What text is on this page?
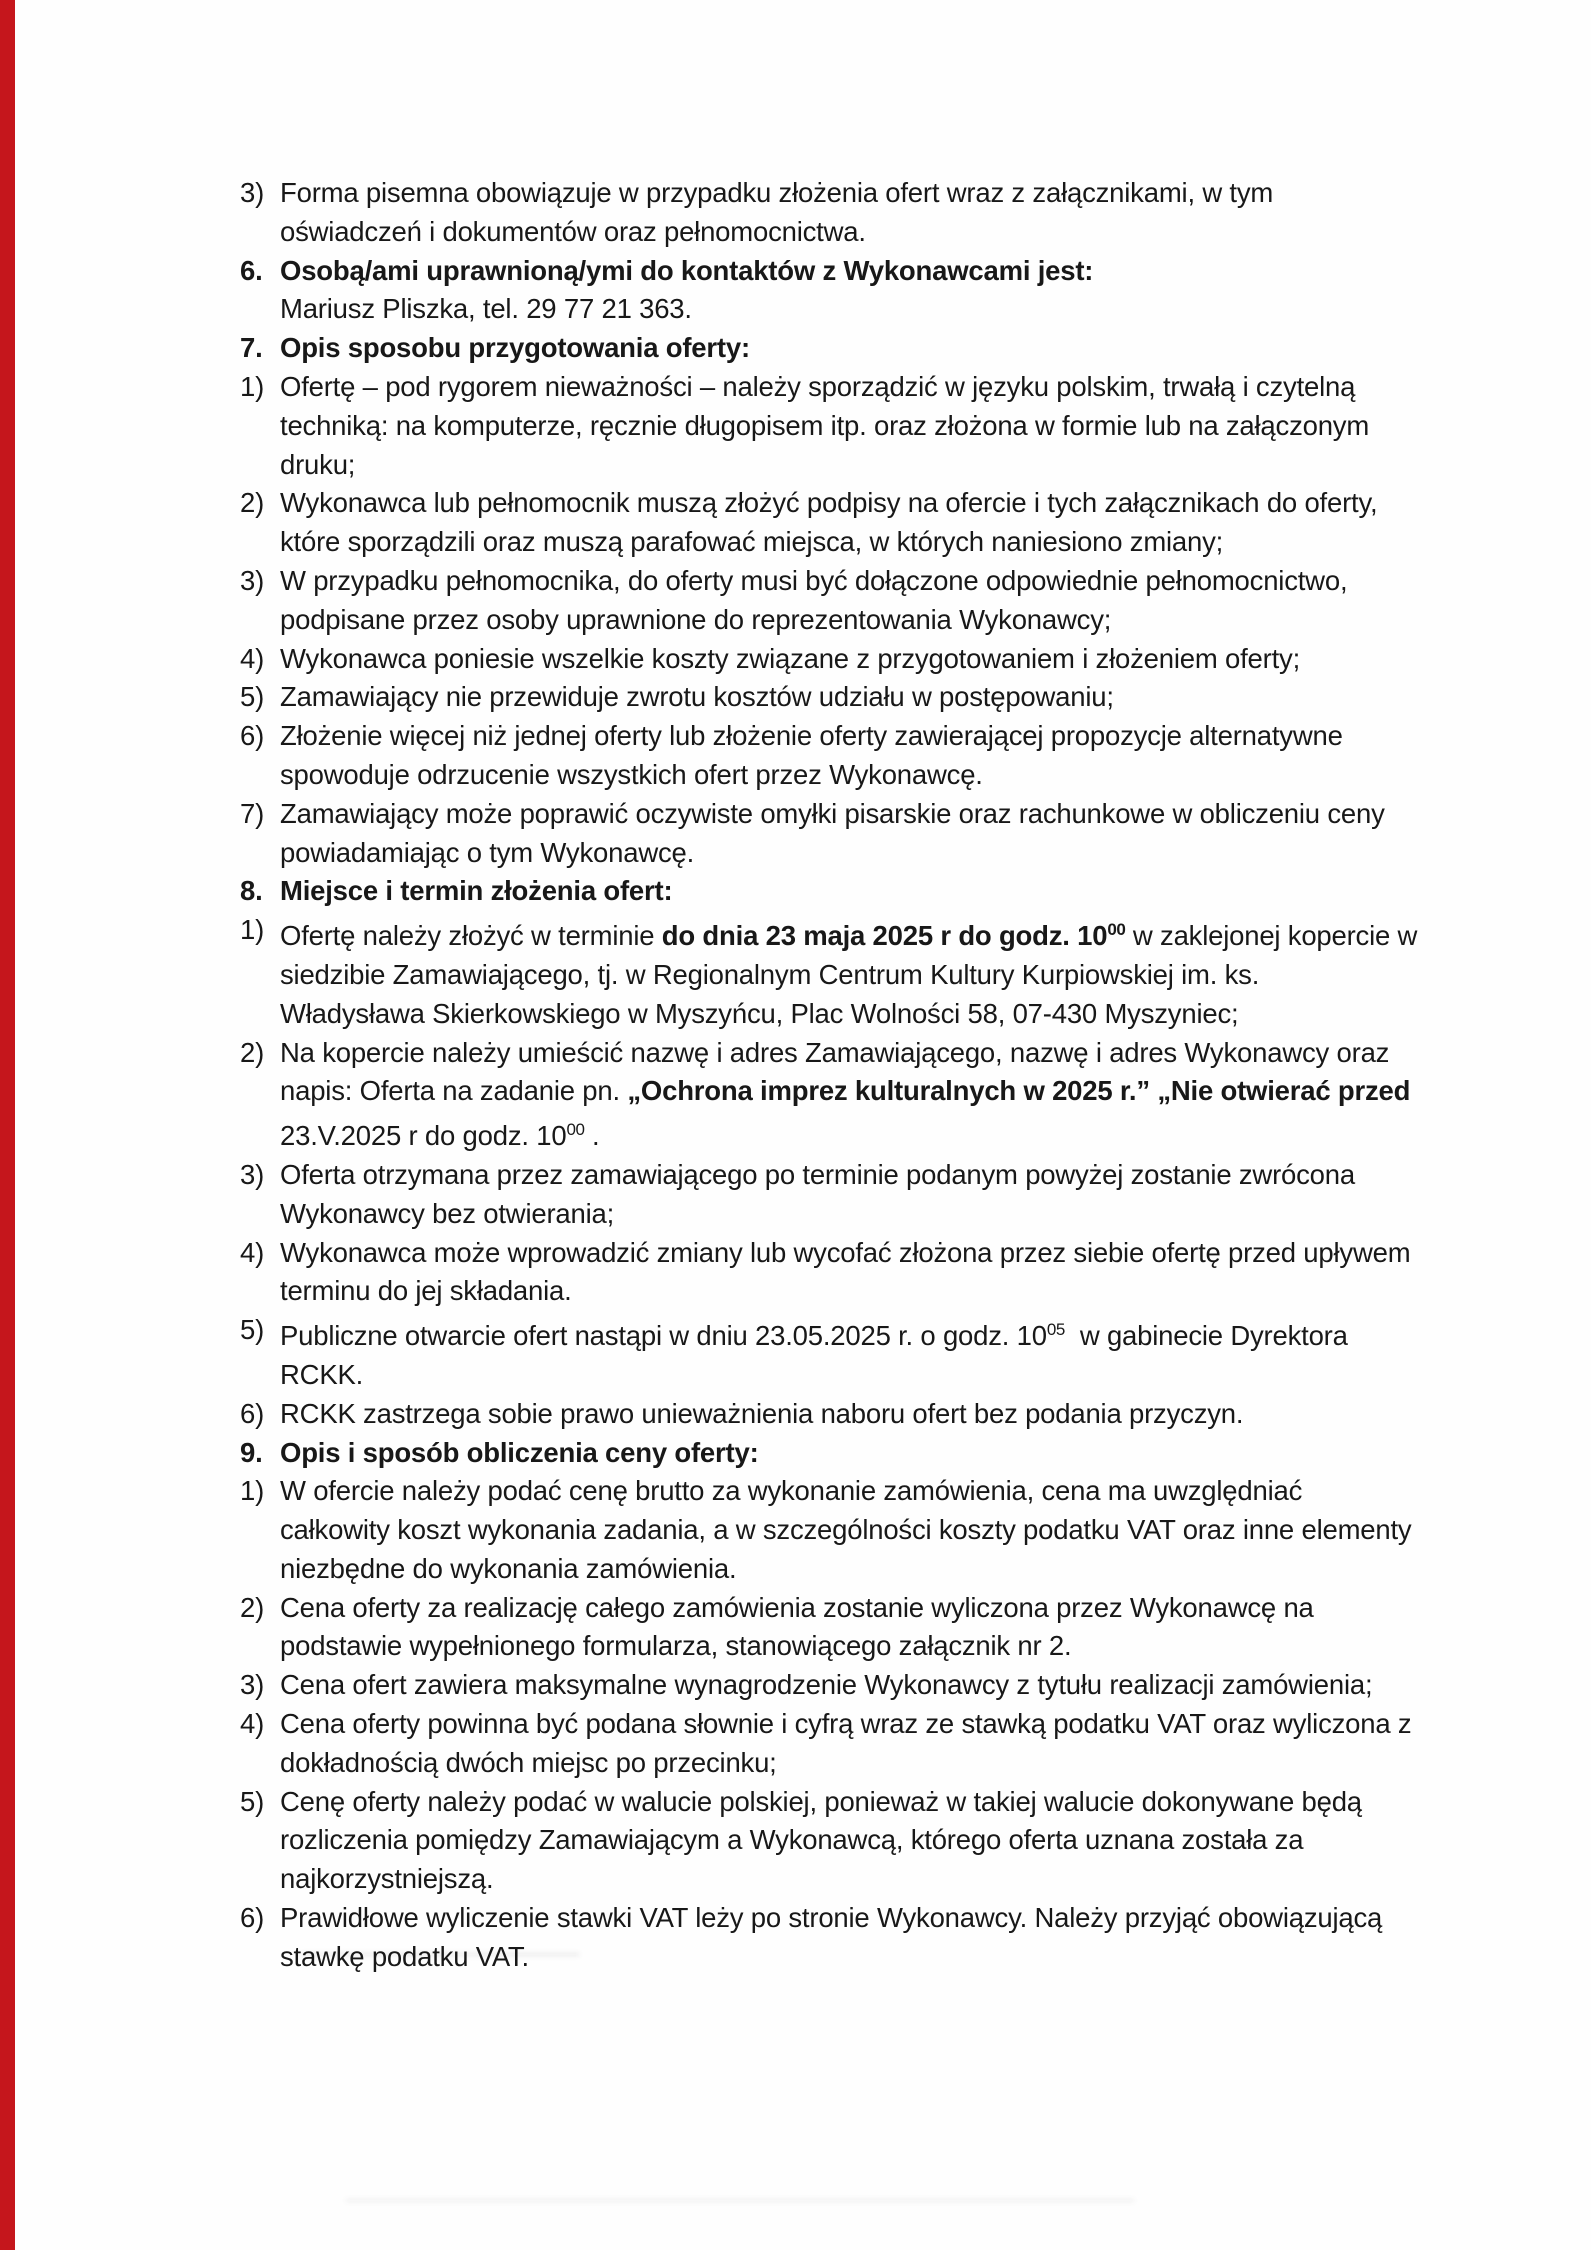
3) Forma pisemna obowiązuje w przypadku złożenia ofert wraz z załącznikami, w tym
oświadczeń i dokumentów oraz pełnomocnictwa.
6. Osobą/ami uprawnioną/ymi do kontaktów z Wykonawcami jest:
Mariusz Pliszka, tel. 29 77 21 363.
7. Opis sposobu przygotowania oferty:
1) Ofertę – pod rygorem nieważności – należy sporządzić w języku polskim, trwałą i czytelną
techniką: na komputerze, ręcznie długopisem itp. oraz złożona w formie lub na załączonym
druku;
2) Wykonawca lub pełnomocnik muszą złożyć podpisy na ofercie i tych załącznikach do oferty,
które sporządzili oraz muszą parafować miejsca, w których naniesiono zmiany;
3) W przypadku pełnomocnika, do oferty musi być dołączone odpowiednie pełnomocnictwo,
podpisane przez osoby uprawnione do reprezentowania Wykonawcy;
4) Wykonawca poniesie wszelkie koszty związane z przygotowaniem i złożeniem oferty;
5) Zamawiający nie przewiduje zwrotu kosztów udziału w postępowaniu;
6) Złożenie więcej niż jednej oferty lub złożenie oferty zawierającej propozycje alternatywne
spowoduje odrzucenie wszystkich ofert przez Wykonawcę.
7) Zamawiający może poprawić oczywiste omyłki pisarskie oraz rachunkowe w obliczeniu ceny
powiadamiając o tym Wykonawcę.
8. Miejsce i termin złożenia ofert:
1) Ofertę należy złożyć w terminie do dnia 23 maja 2025 r do godz. $10^{00}$ w zaklejonej kopercie w
siedzibie Zamawiającego, tj. w Regionalnym Centrum Kultury Kurpiowskiej im. ks.
Władysława Skierkowskiego w Myszyńcu, Plac Wolności 58, 07-430 Myszyniec;
2) Na kopercie należy umieścić nazwę i adres Zamawiającego, nazwę i adres Wykonawcy oraz
napis: Oferta na zadanie pn. „Ochrona imprez kulturalnych w 2025 r.” „Nie otwierać przed
23.V.2025 r do godz. $10^{00}$ .
3) Oferta otrzymana przez zamawiającego po terminie podanym powyżej zostanie zwrócona
Wykonawcy bez otwierania;
4) Wykonawca może wprowadzić zmiany lub wycofać złożona przez siebie ofertę przed upływem
terminu do jej składania.
5) Publiczne otwarcie ofert nastąpi w dniu 23.05.2025 r. o godz. $10^{05}$  w gabinecie Dyrektora
RCKK.
6) RCKK zastrzega sobie prawo unieważnienia naboru ofert bez podania przyczyn.
9. Opis i sposób obliczenia ceny oferty:
1) W ofercie należy podać cenę brutto za wykonanie zamówienia, cena ma uwzględniać
całkowity koszt wykonania zadania, a w szczególności koszty podatku VAT oraz inne elementy
niezbędne do wykonania zamówienia.
2) Cena oferty za realizację całego zamówienia zostanie wyliczona przez Wykonawcę na
podstawie wypełnionego formularza, stanowiącego załącznik nr 2.
3) Cena ofert zawiera maksymalne wynagrodzenie Wykonawcy z tytułu realizacji zamówienia;
4) Cena oferty powinna być podana słownie i cyfrą wraz ze stawką podatku VAT oraz wyliczona z
dokładnością dwóch miejsc po przecinku;
5) Cenę oferty należy podać w walucie polskiej, ponieważ w takiej walucie dokonywane będą
rozliczenia pomiędzy Zamawiającym a Wykonawcą, którego oferta uznana została za
najkorzystniejszą.
6) Prawidłowe wyliczenie stawki VAT leży po stronie Wykonawcy. Należy przyjąć obowiązującą
stawkę podatku VAT.
